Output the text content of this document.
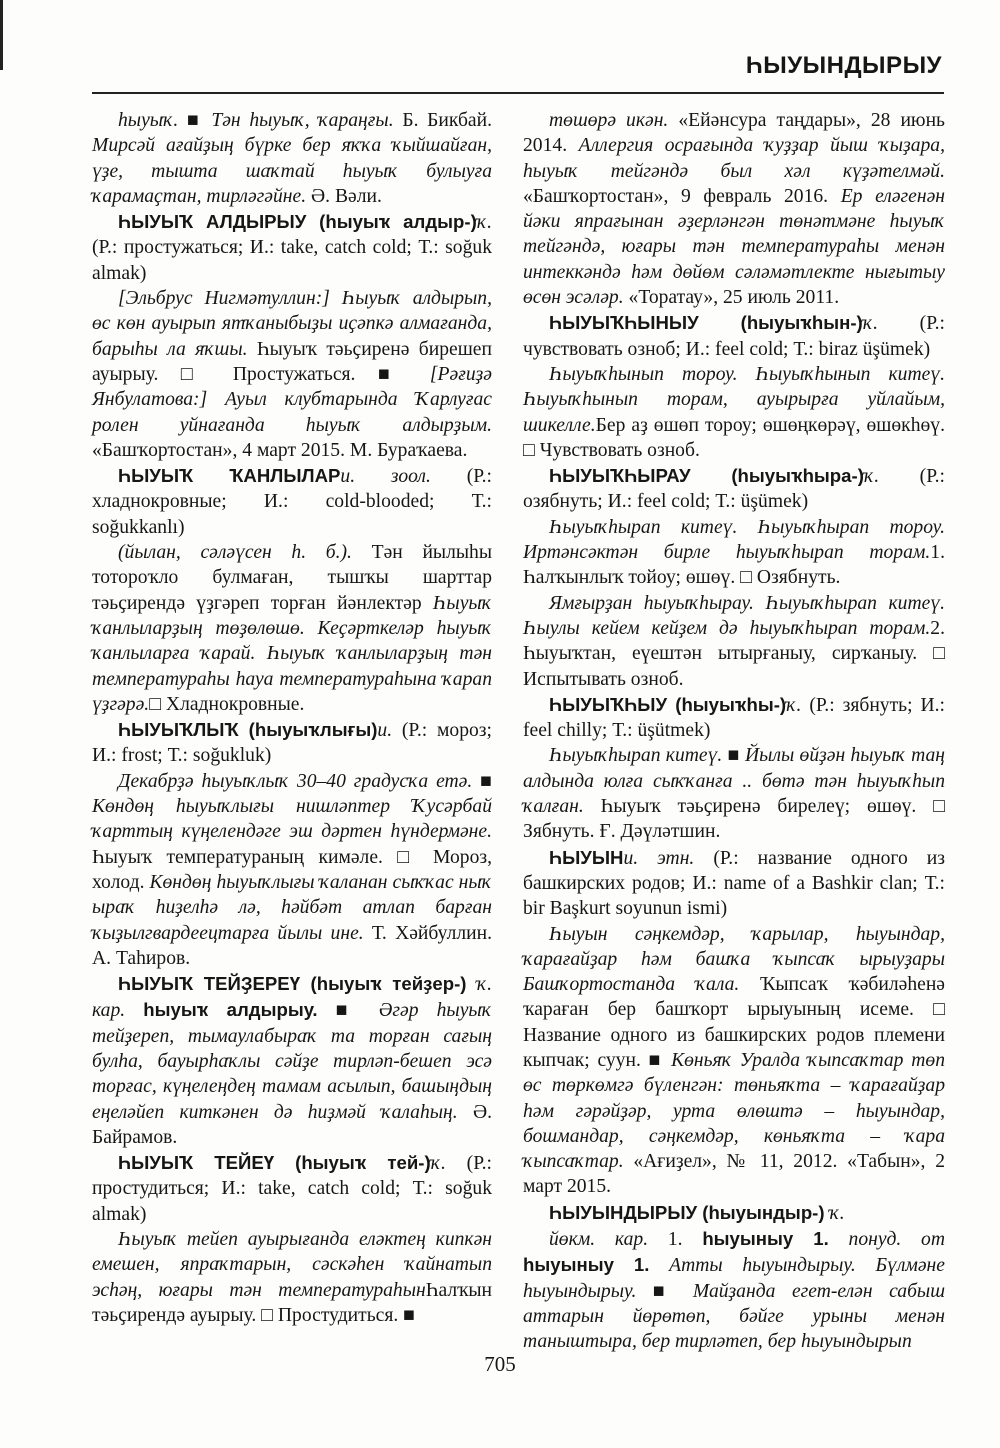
ҺЫУЫНДЫРЫУ

һыуыҡ. ■ Тән һыуыҡ, ҡараңғы. Б. Бикбай. Мирсәй ағайҙың бүрке бер яҡҡа ҡыйшайған, үҙе, тышта шаҡтай һыуыҡ булыуға ҡарамаҫтан, тирләгәйне. Ә. Вәли.

ҺЫУЫҠ АЛДЫРЫУ (һыуыҡ алдыр-)ҡ. (Р.: простужаться; И.: take, catch cold; Т.: soğuk almak)

[Эльбрус Нигмәтуллин:] Һыуыҡ алдырып, өс көн ауырып ятҡаныбыҙы иҫәпкә алмағанда, барыһы ла яҡшы. Һыуыҡ тәьҫиренә бирешеп ауырыу. □ Простужаться. ■ [Рәғиҙә Янбулатова:] Ауыл клубтарында Ҡарлуғас ролен уйнағанда һыуыҡ алдырҙым. «Башҡортостан», 4 март 2015. М. Бураҡаева.

ҺЫУЫҠ ҠАНЛЫЛАРи. зоол. (Р.: хладнокровные; И.: cold-blooded; Т.: soğukkanlı)

(йылан, сәләүсен һ. б.). Тән йылыһы тотороҡло булмаған, тышҡы шарттар тәьҫирендә үҙгәреп торған йәнлектәр Һыуыҡ ҡанлыларҙың төҙөлөшө. Кеҫәрткеләр һыуыҡ ҡанлыларға ҡарай. Һыуыҡ ҡанлыларҙың тән температураһы һауа температураһына ҡарап үҙгәрә.□ Хладнокровные.

ҺЫУЫҠЛЫҠ (һыуыҡлығы)и. (Р.: мороз; И.: frost; Т.: soğukluk)

Декабрҙә һыуыҡлыҡ 30–40 градусҡа етә. ■ Көндөң һыуыҡлығы нишләптер Ҡусәрбай ҡарттың күңелендәге эш дәртен һүндермәне. Һыуыҡ температураның кимәле. □ Мороз, холод. Көндөң һыуыҡлығы ҡаланан сыҡҡас ныҡ ыраҡ һиҙелһә лә, һәйбәт атлап барған ҡыҙылгвардеецтарға йылы ине. Т. Хәйбуллин. А. Таһиров.

ҺЫУЫҠ ТЕЙҘЕРЕҮ (һыуыҡ тейҙер-) ҡ. кар. һыуыҡ алдырыу. ■ Әгәр һыуыҡ тейҙереп, тымаулабыраҡ та торған сағың булһа, бауырһаҡлы сәйҙе тирләп-бешеп эсә торғас, күңелеңдең тамам асылып, башыңдың еңеләйеп киткәнен дә һиҙмәй ҡалаһың. Ә. Байрамов.

ҺЫУЫҠ ТЕЙЕҮ (һыуыҡ тей-)ҡ. (Р.: простудиться; И.: take, catch cold; Т.: soğuk almak)

Һыуыҡ тейеп ауырығанда еләктең кипкән емешен, япраҡтарын, сәскәһен ҡайнатып эсһәң, юғары тән температураһынҺалҡын тәьҫирендә ауырыу. □ Простудиться. ■

төшөрә икән. «Ейәнсура таңдары», 28 июнь 2014. Аллергия осрағында ҡуҙҙар йыш ҡыҙара, һыуыҡ тейгәндә был хәл күҙәтелмәй. «Башҡортостан», 9 февраль 2016. Ер еләгенән йәки япрағынан әҙерләнгән төнәтмәне һыуыҡ тейгәндә, юғары тән температураһы менән интеккәндә һәм дөйөм сәләмәтлекте нығытыу өсөн эсәләр. «Торатау», 25 июль 2011.

ҺЫУЫҠҺЫНЫУ (һыуыҡһын-)ҡ. (Р.: чувствовать озноб; И.: feel cold; Т.: biraz üşümek)

Һыуыҡһынып тороу. Һыуыҡһынып китеү. Һыуыҡһынып торам, ауырырға уйлайым, шикелле.Бер аҙ өшөп тороу; өшөңкөрәү, өшөкһөү. □ Чувствовать озноб.

ҺЫУЫҠҺЫРАУ (һыуыҡһыра-)ҡ. (Р.: озябнуть; И.: feel cold; Т.: üşümek)

Һыуыҡһырап китеү. Һыуыҡһырап тороу. Иртәнсәктән бирле һыуыҡһырап торам.1. Һалҡынлыҡ тойоу; өшөү. □ Озябнуть.

Ямғырҙан һыуыҡһырау. Һыуыҡһырап китеү. Һыулы кейем кейҙем дә һыуыҡһырап торам.2. Һыуыҡтан, еүештән ытырғаныу, сирҡаныу. □ Испытывать озноб.

ҺЫУЫҠҺЫУ (һыуыҡһы-)ҡ. (Р.: зябнуть; И.: feel chilly; Т.: üşütmek)

Һыуыҡһырап китеү. ■ Йылы өйҙән һыуыҡ таң алдында юлға сыҡҡанға .. бөтә тән һыуыҡһып ҡалған. Һыуыҡ тәьҫиренә бирелеү; өшөү. □ Зябнуть. Ғ. Дәүләтшин.

ҺЫУЫНи. этн. (Р.: название одного из башкирских родов; И.: name of a Bashkir clan; Т.: bir Başkurt soyunun ismi)

Һыуын сәңкемдәр, ҡарылар, һыуындар, ҡарағайҙар һәм башҡа ҡыпсаҡ ырыуҙары Башҡортостанда ҡала. Ҡыпсаҡ ҡәбиләһенә ҡараған бер башҡорт ырыуының исеме. □ Название одного из башкирских родов племени кыпчак; суун. ■ Көньяҡ Уралда ҡыпсаҡтар төп өс төркөмгә бүленгән: төньяҡта – ҡарағайҙар һәм гәрәйҙәр, урта өлөштә – һыуындар, бошмандар, сәңкемдәр, көньяҡта – ҡара ҡыпсаҡтар. «Ағиҙел», № 11, 2012. «Табын», 2 март 2015.

ҺЫУЫНДЫРЫУ (һыуындыр-) ҡ.

йөкм. кар. 1. һыуыныу 1. понуд. от һыуыныу 1. Атты һыуындырыу. Бүлмәне һыуындырыу. ■ Майҙанда егет-елән сабыш аттарын йөрөтөп, бәйге урыны менән таныштыра, бер тирләтеп, бер һыуындырып

705
